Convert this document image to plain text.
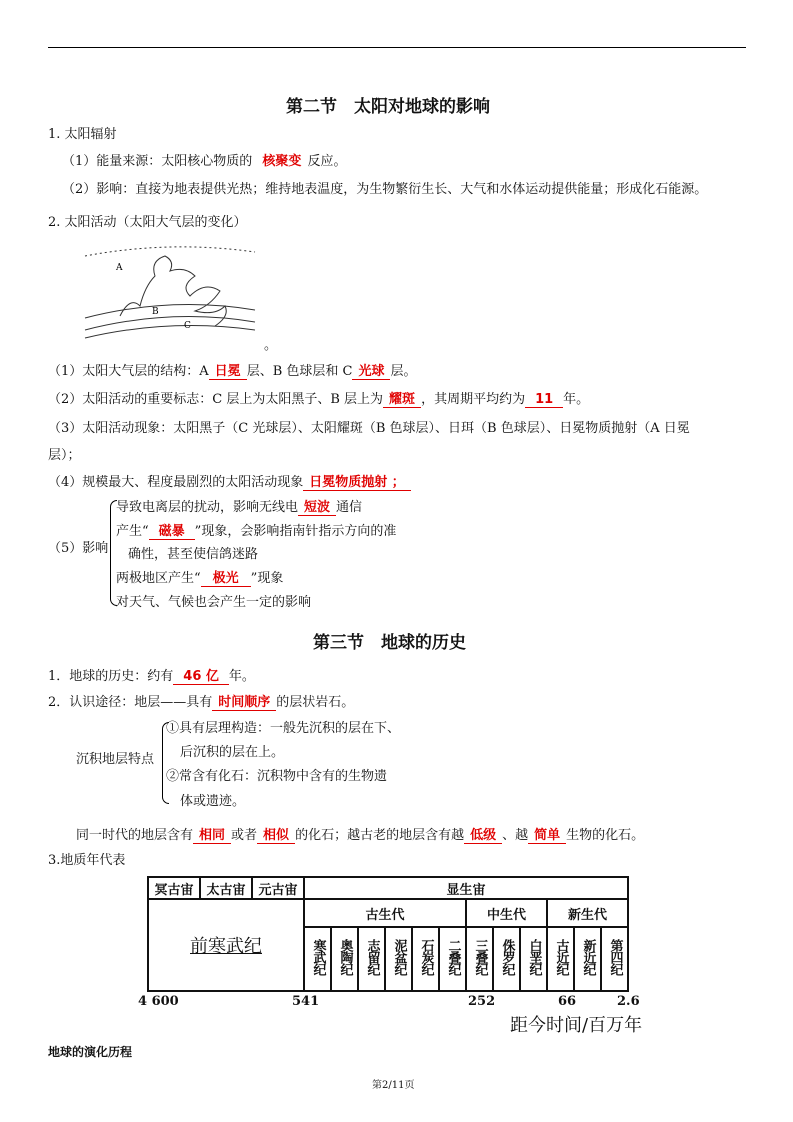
第二节　太阳对地球的影响
1. 太阳辐射
（1）能量来源：太阳核心物质的 核聚变 反应。
（2）影响：直接为地表提供光热；维持地表温度，为生物繁衍生长、大气和水体运动提供能量；形成化石能源。
2. 太阳活动（太阳大气层的变化）
A
B
C
。
（1）太阳大气层的结构：A 日冕 层、B 色球层和 C 光球 层。
（2）太阳活动的重要标志：C 层上为太阳黑子、B 层上为 耀斑 ，其周期平均约为 11 年。
（3）太阳活动现象：太阳黑子（C 光球层）、太阳耀斑（B 色球层）、日珥（B 色球层）、日冕物质抛射（A 日冕
层）；
（4）规模最大、程度最剧烈的太阳活动现象 日冕物质抛射 ；
（5）影响
导致电离层的扰动，影响无线电 短波 通信
产生“ 磁暴 ”现象，会影响指南针指示方向的准
确性，甚至使信鸽迷路
两极地区产生“ 极光 ”现象
对天气、气候也会产生一定的影响
第三节　地球的历史
1．地球的历史：约有 46 亿 年。
2．认识途径：地层——具有 时间顺序 的层状岩石。
沉积地层特点
①具有层理构造：一般先沉积的层在下、
后沉积的层在上。
②常含有化石：沉积物中含有的生物遗
体或遗迹。
同一时代的地层含有 相同 或者 相似 的化石；越古老的地层含有越 低级 、越 简单 生物的化石。
3.地质年代表
冥古宙	太古宙	元古宙	显生宙											
前寒武纪			古生代						中生代			新生代		
			寒武纪	奥陶纪	志留纪	泥盆纪	石炭纪	二叠纪	三叠纪	侏罗纪	白垩纪	古近纪	新近纪	第四纪
4 600	541	252	66	2.6
距今时间/百万年
地球的演化历程
第2/11页
